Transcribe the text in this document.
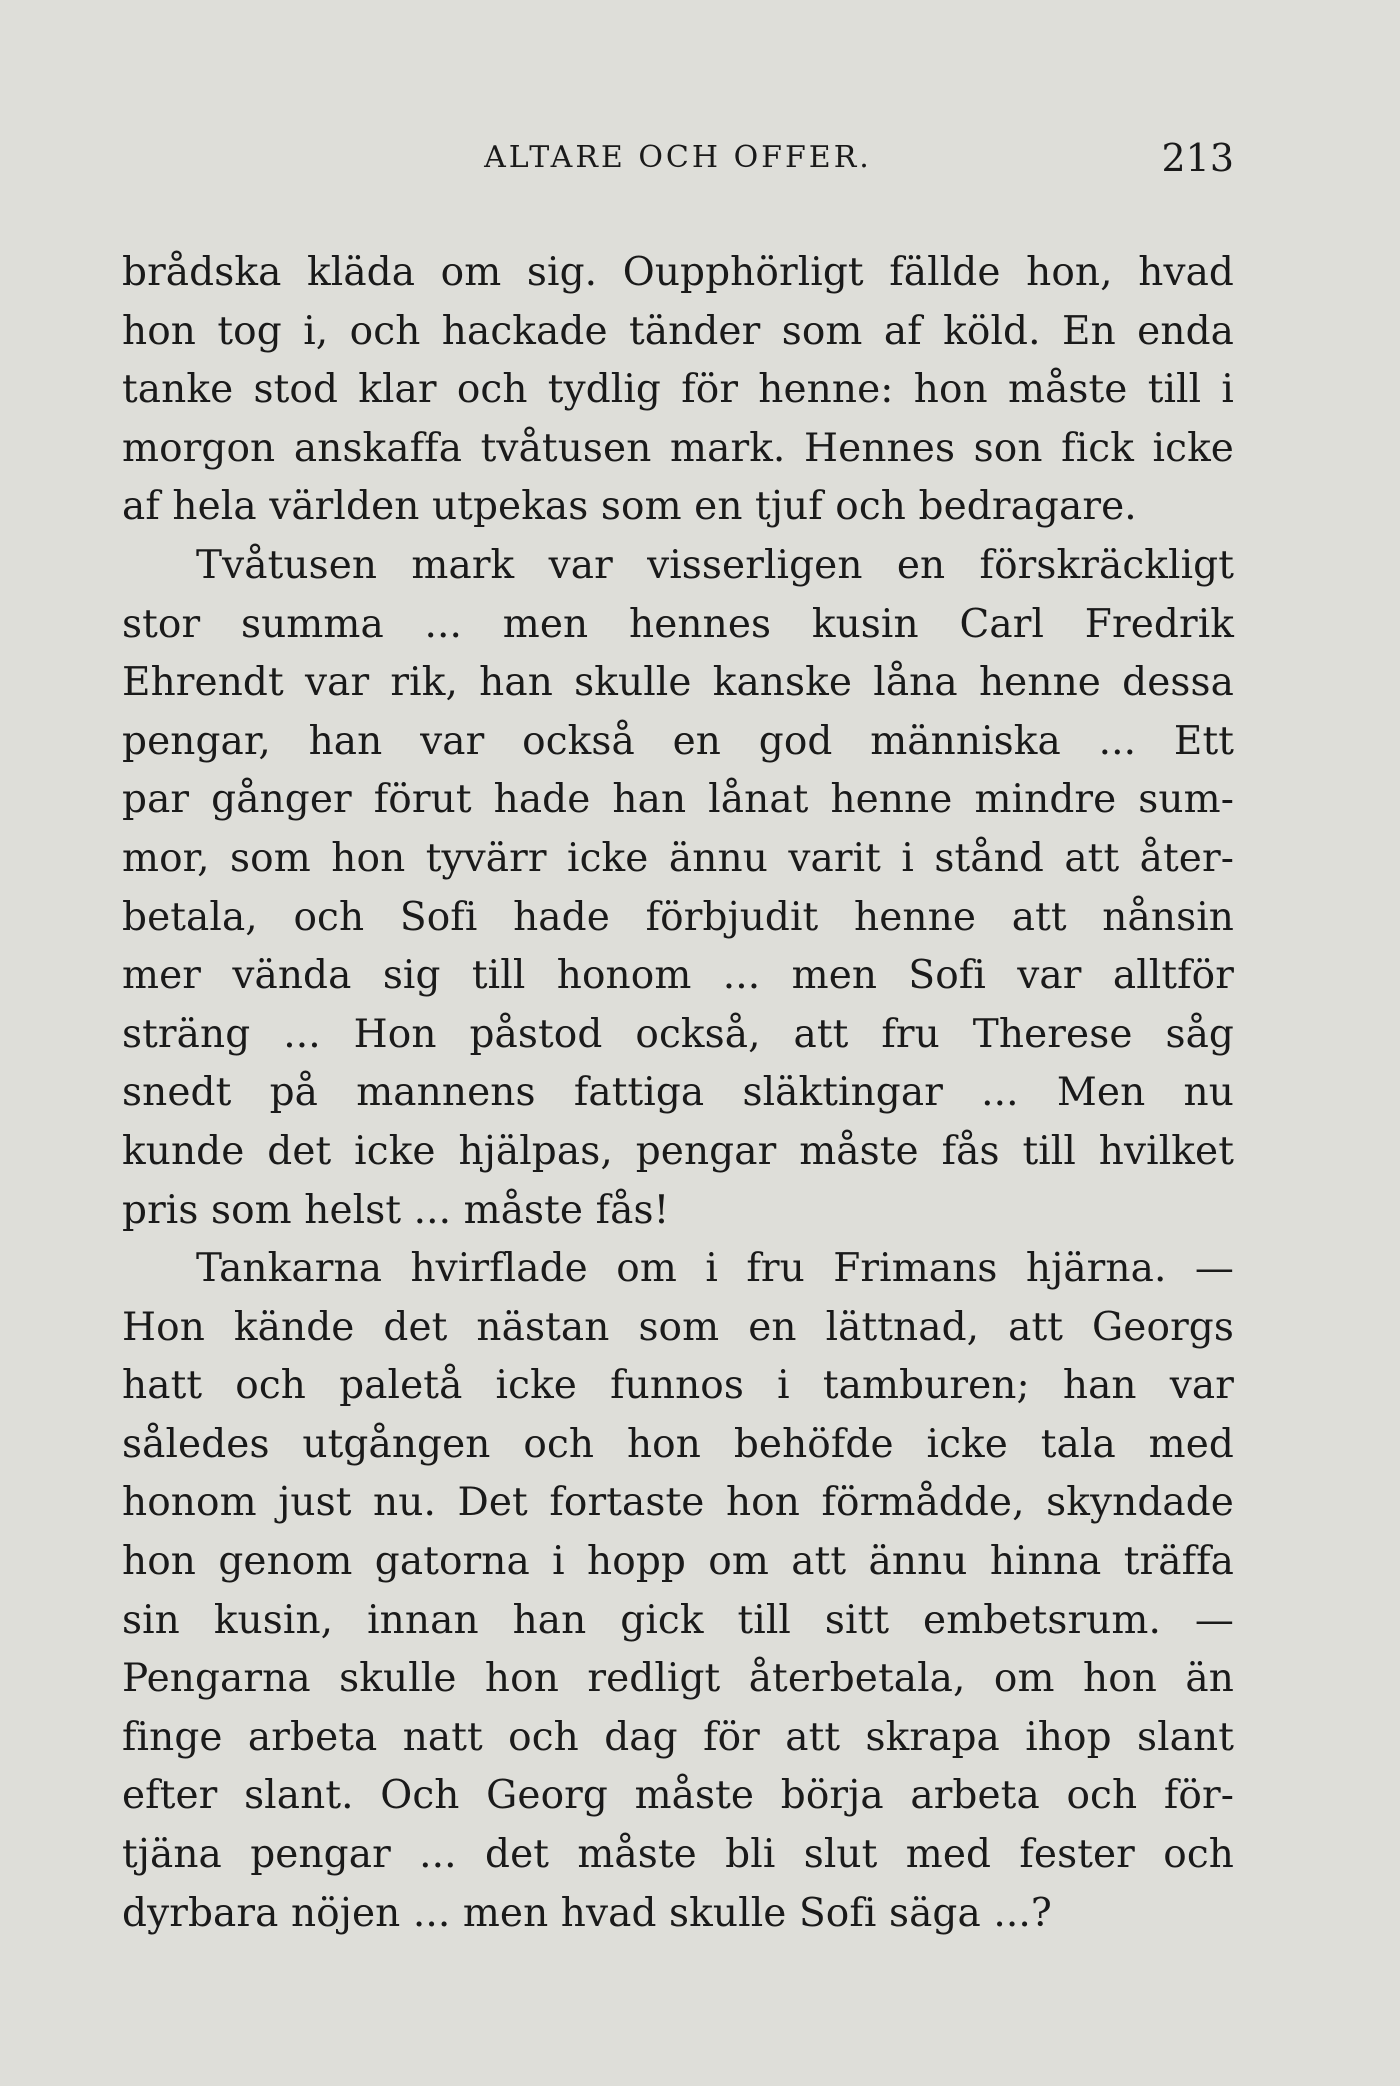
ALTARE OCH OFFER.	213
brådska kläda om sig. Oupphörligt fällde hon, hvad
hon tog i, och hackade tänder som af köld. En enda
tanke stod klar och tydlig för henne: hon måste till i
morgon anskaffa tvåtusen mark. Hennes son fick icke
af hela världen utpekas som en tjuf och bedragare.
Tvåtusen mark var visserligen en förskräckligt
stor summa ... men hennes kusin Carl Fredrik
Ehrendt var rik, han skulle kanske låna henne dessa
pengar, han var också en god människa ... Ett
par gånger förut hade han lånat henne mindre sum-
mor, som hon tyvärr icke ännu varit i stånd att åter-
betala, och Sofi hade förbjudit henne att nånsin
mer vända sig till honom ... men Sofi var alltför
sträng ... Hon påstod också, att fru Therese såg
snedt på mannens fattiga släktingar ... Men nu
kunde det icke hjälpas, pengar måste fås till hvilket
pris som helst ... måste fås!
Tankarna hvirflade om i fru Frimans hjärna. —
Hon kände det nästan som en lättnad, att Georgs
hatt och paletå icke funnos i tamburen; han var
således utgången och hon behöfde icke tala med
honom just nu. Det fortaste hon förmådde, skyndade
hon genom gatorna i hopp om att ännu hinna träffa
sin kusin, innan han gick till sitt embetsrum. —
Pengarna skulle hon redligt återbetala, om hon än
finge arbeta natt och dag för att skrapa ihop slant
efter slant. Och Georg måste börja arbeta och för-
tjäna pengar ... det måste bli slut med fester och
dyrbara nöjen ... men hvad skulle Sofi säga ...?
